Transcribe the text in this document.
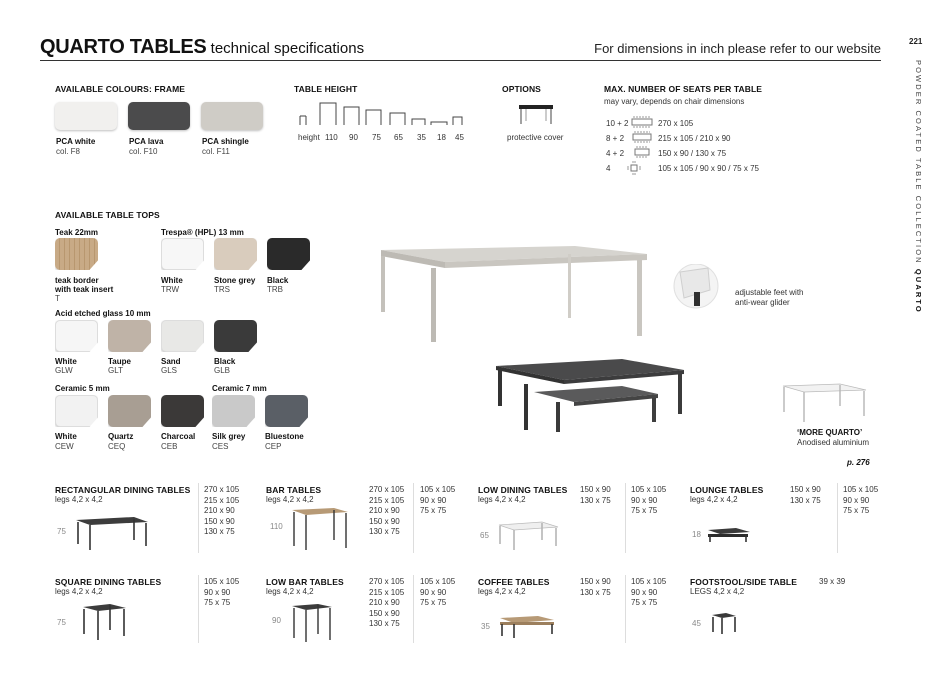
QUARTO TABLES technical specifications	For dimensions in inch please refer to our website	221
POWDER COATED TABLE COLLECTION QUARTO
AVAILABLE COLOURS: FRAME
PCA white
col. F8
PCA lava
col. F10
PCA shingle
col. F11
TABLE HEIGHT
height 110 90 75 65 35 18 45
OPTIONS
protective cover
MAX. NUMBER OF SEATS PER TABLE
may vary, depends on chair dimensions
10 + 2	270 x 105
8 + 2	215 x 105 / 210 x 90
4 + 2	150 x 90 / 130 x 75
4	105 x 105 / 90 x 90 / 75 x 75
AVAILABLE TABLE TOPS
Teak 22mm	Trespa® (HPL) 13 mm
teak border
with teak insert
T
White
TRW
Stone grey
TRS
Black
TRB
Acid etched glass 10 mm
White
GLW
Taupe
GLT
Sand
GLS
Black
GLB
Ceramic 5 mm	Ceramic 7 mm
White
CEW
Quartz
CEQ
Charcoal
CEB
Silk grey
CES
Bluestone
CEP
adjustable feet with
anti-wear glider
‘MORE QUARTO’
Anodised aluminium
p. 276
RECTANGULAR DINING TABLES
legs 4,2 x 4,2
75
270 x 105
215 x 105
210 x 90
150 x 90
130 x 75
BAR TABLES
legs 4,2 x 4,2
110
270 x 105
215 x 105
210 x 90
150 x 90
130 x 75
105 x 105
90 x 90
75 x 75
LOW DINING TABLES
legs 4,2 x 4,2
65
150 x 90
130 x 75
105 x 105
90 x 90
75 x 75
LOUNGE TABLES
legs 4,2 x 4,2
18
150 x 90
130 x 75
105 x 105
90 x 90
75 x 75
SQUARE DINING TABLES
legs 4,2 x 4,2
75
105 x 105
90 x 90
75 x 75
LOW BAR TABLES
legs 4,2 x 4,2
90
270 x 105
215 x 105
210 x 90
150 x 90
130 x 75
105 x 105
90 x 90
75 x 75
COFFEE TABLES
legs 4,2 x 4,2
35
150 x 90
130 x 75
105 x 105
90 x 90
75 x 75
FOOTSTOOL/SIDE TABLE
LEGS 4,2 x 4,2
45
39 x 39
